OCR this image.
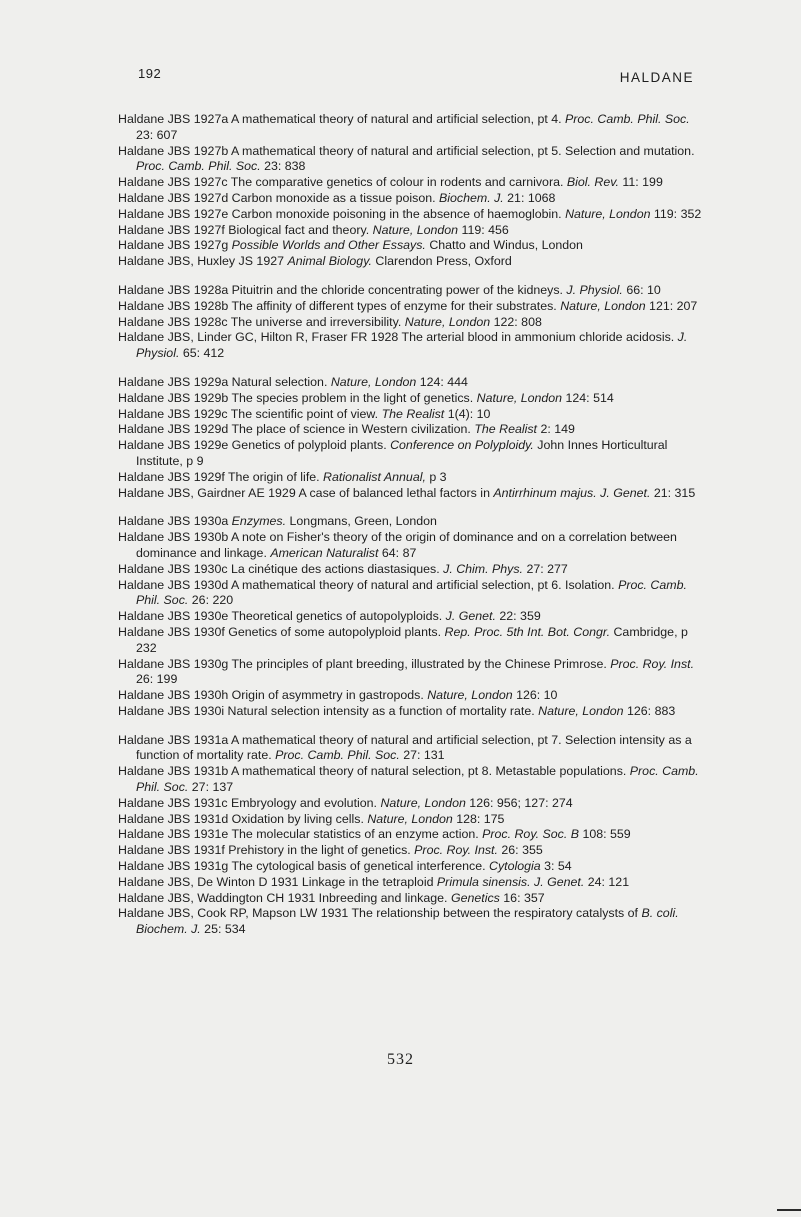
192	HALDANE
Haldane JBS 1927a A mathematical theory of natural and artificial selection, pt 4. Proc. Camb. Phil. Soc. 23: 607
Haldane JBS 1927b A mathematical theory of natural and artificial selection, pt 5. Selection and mutation. Proc. Camb. Phil. Soc. 23: 838
Haldane JBS 1927c The comparative genetics of colour in rodents and carnivora. Biol. Rev. 11: 199
Haldane JBS 1927d Carbon monoxide as a tissue poison. Biochem. J. 21: 1068
Haldane JBS 1927e Carbon monoxide poisoning in the absence of haemoglobin. Nature, London 119: 352
Haldane JBS 1927f Biological fact and theory. Nature, London 119: 456
Haldane JBS 1927g Possible Worlds and Other Essays. Chatto and Windus, London
Haldane JBS, Huxley JS 1927 Animal Biology. Clarendon Press, Oxford
Haldane JBS 1928a Pituitrin and the chloride concentrating power of the kidneys. J. Physiol. 66: 10
Haldane JBS 1928b The affinity of different types of enzyme for their substrates. Nature, London 121: 207
Haldane JBS 1928c The universe and irreversibility. Nature, London 122: 808
Haldane JBS, Linder GC, Hilton R, Fraser FR 1928 The arterial blood in ammonium chloride acidosis. J. Physiol. 65: 412
Haldane JBS 1929a Natural selection. Nature, London 124: 444
Haldane JBS 1929b The species problem in the light of genetics. Nature, London 124: 514
Haldane JBS 1929c The scientific point of view. The Realist 1(4): 10
Haldane JBS 1929d The place of science in Western civilization. The Realist 2: 149
Haldane JBS 1929e Genetics of polyploid plants. Conference on Polyploidy. John Innes Horticultural Institute, p 9
Haldane JBS 1929f The origin of life. Rationalist Annual, p 3
Haldane JBS, Gairdner AE 1929 A case of balanced lethal factors in Antirrhinum majus. J. Genet. 21: 315
Haldane JBS 1930a Enzymes. Longmans, Green, London
Haldane JBS 1930b A note on Fisher's theory of the origin of dominance and on a correlation between dominance and linkage. American Naturalist 64: 87
Haldane JBS 1930c La cinétique des actions diastasiques. J. Chim. Phys. 27: 277
Haldane JBS 1930d A mathematical theory of natural and artificial selection, pt 6. Isolation. Proc. Camb. Phil. Soc. 26: 220
Haldane JBS 1930e Theoretical genetics of autopolyploids. J. Genet. 22: 359
Haldane JBS 1930f Genetics of some autopolyploid plants. Rep. Proc. 5th Int. Bot. Congr. Cambridge, p 232
Haldane JBS 1930g The principles of plant breeding, illustrated by the Chinese Primrose. Proc. Roy. Inst. 26: 199
Haldane JBS 1930h Origin of asymmetry in gastropods. Nature, London 126: 10
Haldane JBS 1930i Natural selection intensity as a function of mortality rate. Nature, London 126: 883
Haldane JBS 1931a A mathematical theory of natural and artificial selection, pt 7. Selection intensity as a function of mortality rate. Proc. Camb. Phil. Soc. 27: 131
Haldane JBS 1931b A mathematical theory of natural selection, pt 8. Metastable populations. Proc. Camb. Phil. Soc. 27: 137
Haldane JBS 1931c Embryology and evolution. Nature, London 126: 956; 127: 274
Haldane JBS 1931d Oxidation by living cells. Nature, London 128: 175
Haldane JBS 1931e The molecular statistics of an enzyme action. Proc. Roy. Soc. B 108: 559
Haldane JBS 1931f Prehistory in the light of genetics. Proc. Roy. Inst. 26: 355
Haldane JBS 1931g The cytological basis of genetical interference. Cytologia 3: 54
Haldane JBS, De Winton D 1931 Linkage in the tetraploid Primula sinensis. J. Genet. 24: 121
Haldane JBS, Waddington CH 1931 Inbreeding and linkage. Genetics 16: 357
Haldane JBS, Cook RP, Mapson LW 1931 The relationship between the respiratory catalysts of B. coli. Biochem. J. 25: 534
532
